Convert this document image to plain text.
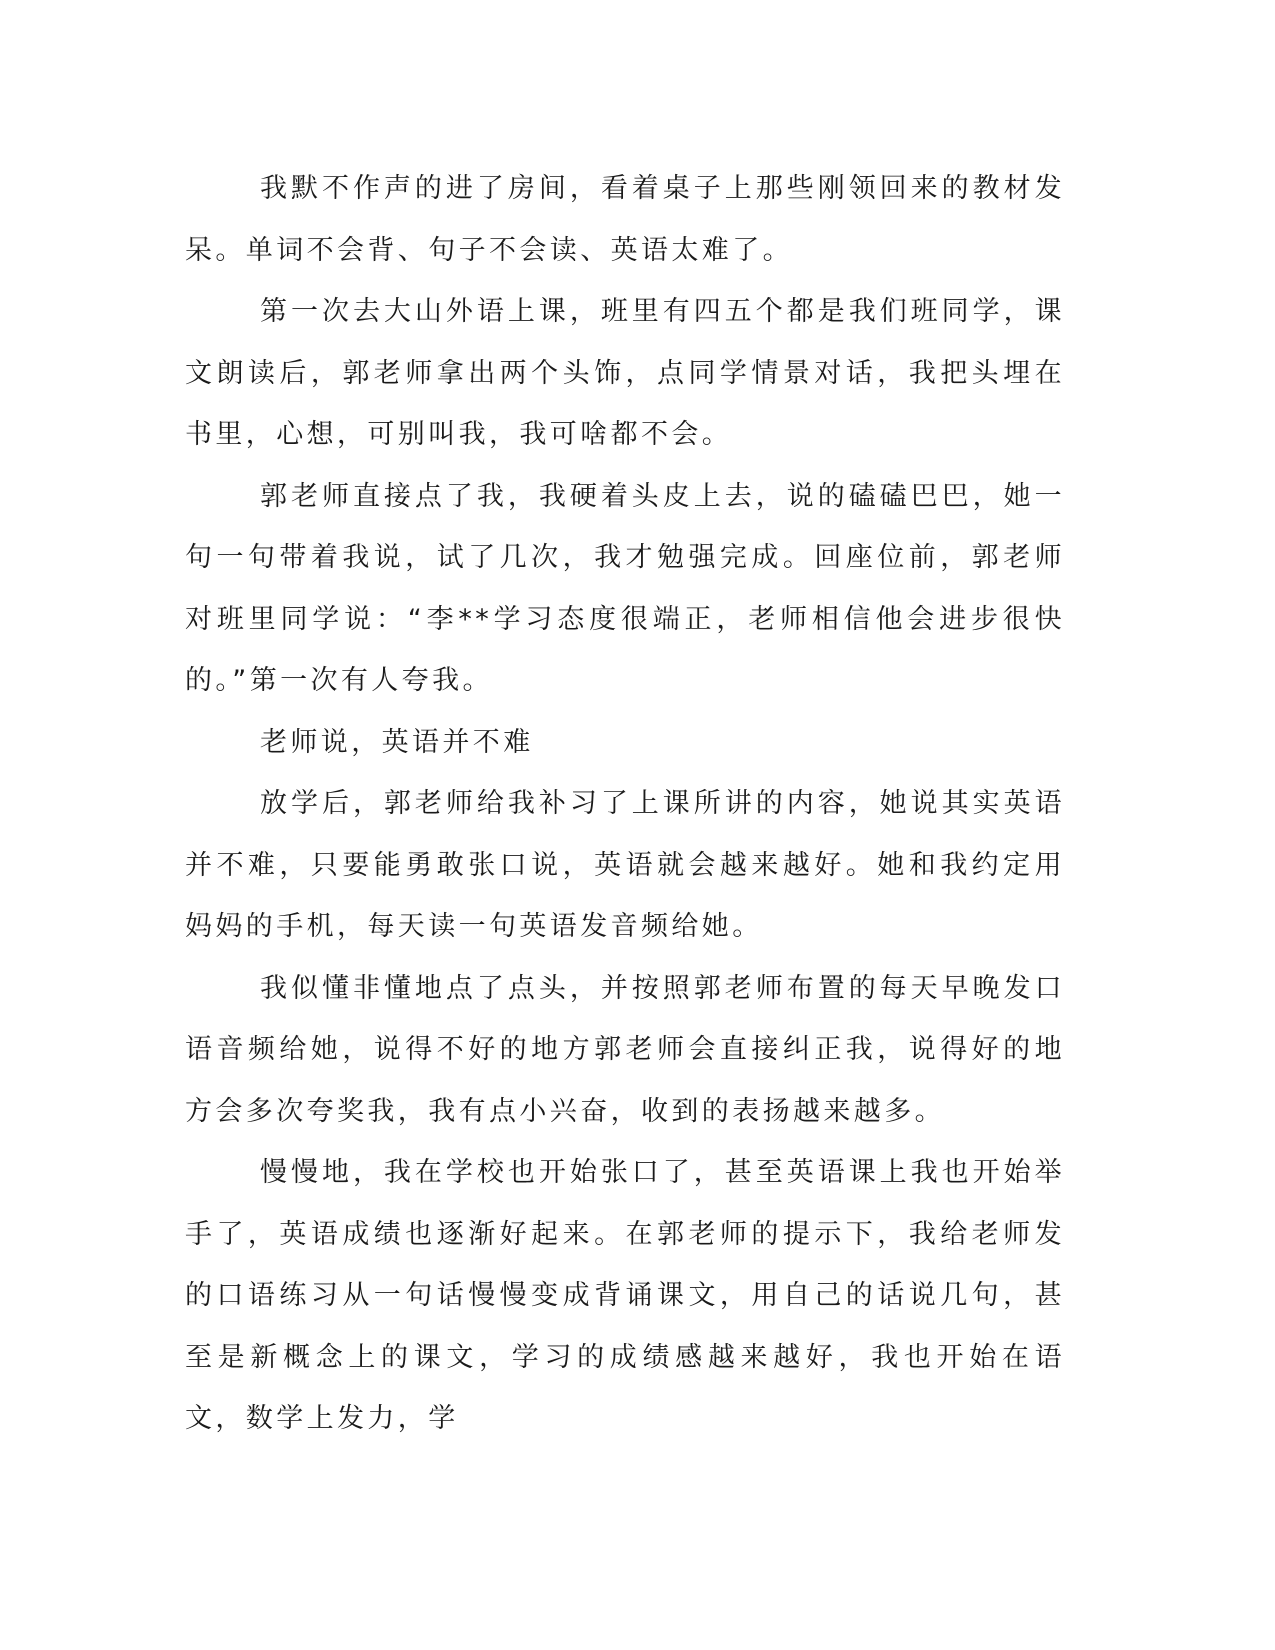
我默不作声的进了房间，看着桌子上那些刚领回来的教材发呆。单词不会背、句子不会读、英语太难了。

第一次去大山外语上课，班里有四五个都是我们班同学，课文朗读后，郭老师拿出两个头饰，点同学情景对话，我把头埋在书里，心想，可别叫我，我可啥都不会。

郭老师直接点了我，我硬着头皮上去，说的磕磕巴巴，她一句一句带着我说，试了几次，我才勉强完成。回座位前，郭老师对班里同学说：“李**学习态度很端正，老师相信他会进步很快的。”第一次有人夸我。

老师说，英语并不难

放学后，郭老师给我补习了上课所讲的内容，她说其实英语并不难，只要能勇敢张口说，英语就会越来越好。她和我约定用妈妈的手机，每天读一句英语发音频给她。

我似懂非懂地点了点头，并按照郭老师布置的每天早晚发口语音频给她，说得不好的地方郭老师会直接纠正我，说得好的地方会多次夸奖我，我有点小兴奋，收到的表扬越来越多。

慢慢地，我在学校也开始张口了，甚至英语课上我也开始举手了，英语成绩也逐渐好起来。在郭老师的提示下，我给老师发的口语练习从一句话慢慢变成背诵课文，用自己的话说几句，甚至是新概念上的课文，学习的成绩感越来越好，我也开始在语文，数学上发力，学
